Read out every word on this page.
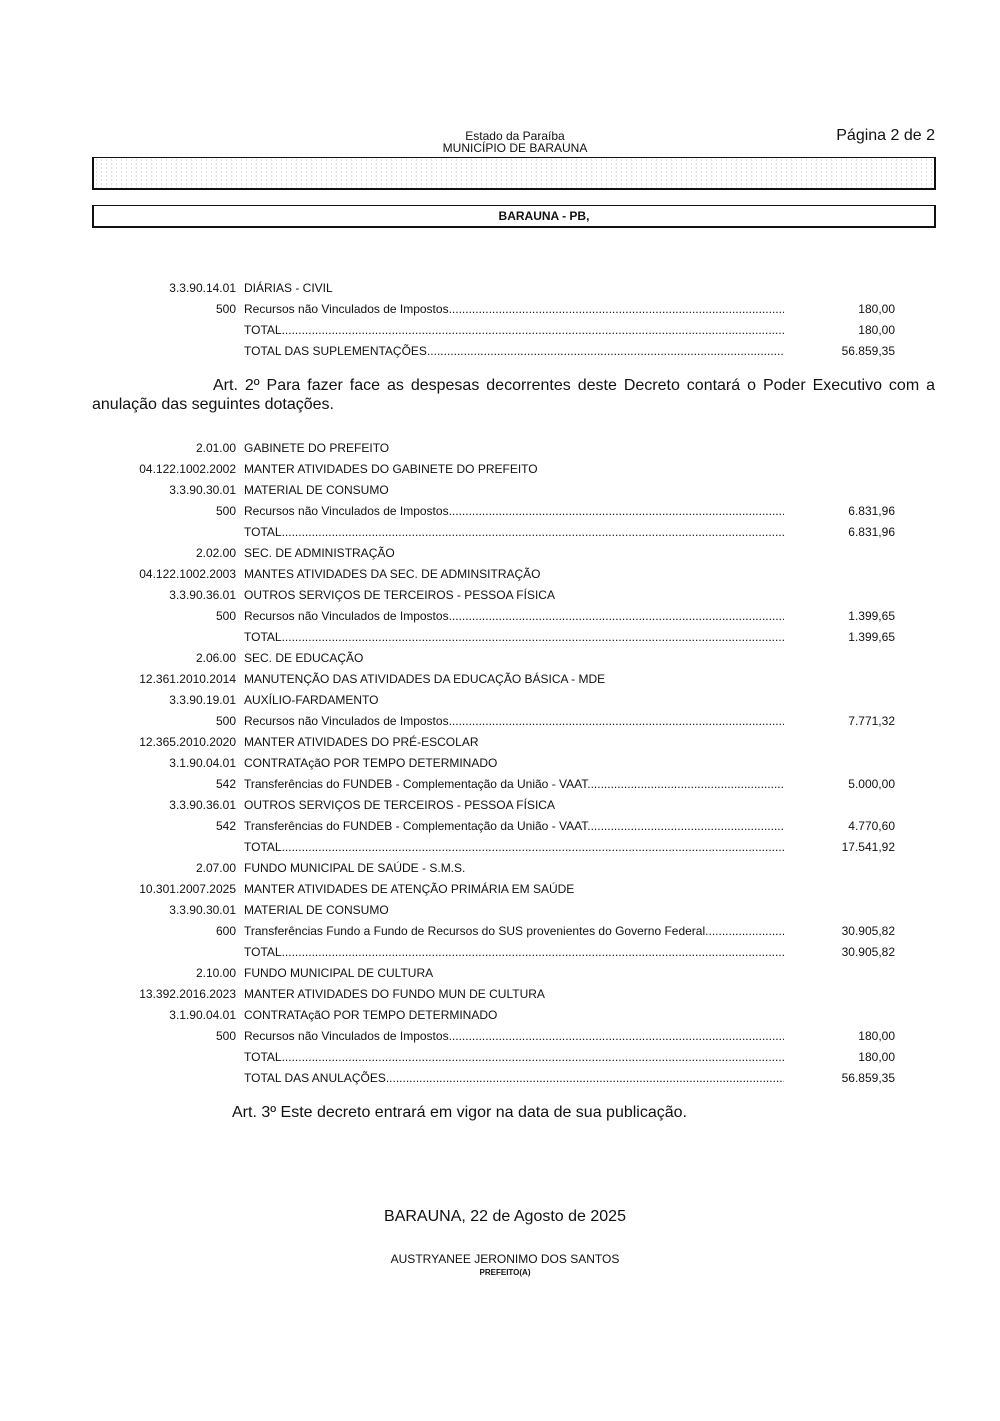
Estado da Paraíba
MUNICÍPIO DE BARAUNA
Página 2 de 2
BARAUNA - PB,
3.3.90.14.01 DIÁRIAS - CIVIL
500 Recursos não Vinculados de Impostos .....	180,00
TOTAL .....	180,00
TOTAL DAS SUPLEMENTAÇÕES .....	56.859,35
Art. 2º Para fazer face as despesas decorrentes deste Decreto contará o Poder Executivo com a anulação das seguintes dotações.
2.01.00 GABINETE DO PREFEITO
04.122.1002.2002 MANTER ATIVIDADES DO GABINETE DO PREFEITO
3.3.90.30.01 MATERIAL DE CONSUMO
500 Recursos não Vinculados de Impostos .....	6.831,96
TOTAL .....	6.831,96
2.02.00 SEC. DE ADMINISTRAÇÃO
04.122.1002.2003 MANTES ATIVIDADES DA SEC. DE ADMINSITRAÇÃO
3.3.90.36.01 OUTROS SERVIÇOS DE TERCEIROS - PESSOA FÍSICA
500 Recursos não Vinculados de Impostos .....	1.399,65
TOTAL .....	1.399,65
2.06.00 SEC. DE EDUCAÇÃO
12.361.2010.2014 MANUTENÇÃO DAS ATIVIDADES DA EDUCAÇÃO BÁSICA - MDE
3.3.90.19.01 AUXÍLIO-FARDAMENTO
500 Recursos não Vinculados de Impostos .....	7.771,32
12.365.2010.2020 MANTER ATIVIDADES DO PRÉ-ESCOLAR
3.1.90.04.01 CONTRATAçãO POR TEMPO DETERMINADO
542 Transferências do FUNDEB - Complementação da União - VAAT .....	5.000,00
3.3.90.36.01 OUTROS SERVIÇOS DE TERCEIROS - PESSOA FÍSICA
542 Transferências do FUNDEB - Complementação da União - VAAT .....	4.770,60
TOTAL .....	17.541,92
2.07.00 FUNDO MUNICIPAL DE SAÚDE - S.M.S.
10.301.2007.2025 MANTER ATIVIDADES DE ATENÇÃO PRIMÁRIA EM SAÚDE
3.3.90.30.01 MATERIAL DE CONSUMO
600 Transferências Fundo a Fundo de Recursos do SUS provenientes do Governo Federal .....	30.905,82
TOTAL .....	30.905,82
2.10.00 FUNDO MUNICIPAL DE CULTURA
13.392.2016.2023 MANTER ATIVIDADES DO FUNDO MUN DE CULTURA
3.1.90.04.01 CONTRATAçãO POR TEMPO DETERMINADO
500 Recursos não Vinculados de Impostos .....	180,00
TOTAL .....	180,00
TOTAL DAS ANULAÇÕES .....	56.859,35
Art. 3º Este decreto entrará em vigor na data de sua publicação.
BARAUNA, 22 de Agosto de 2025
AUSTRYANEE JERONIMO DOS SANTOS
PREFEITO(A)
